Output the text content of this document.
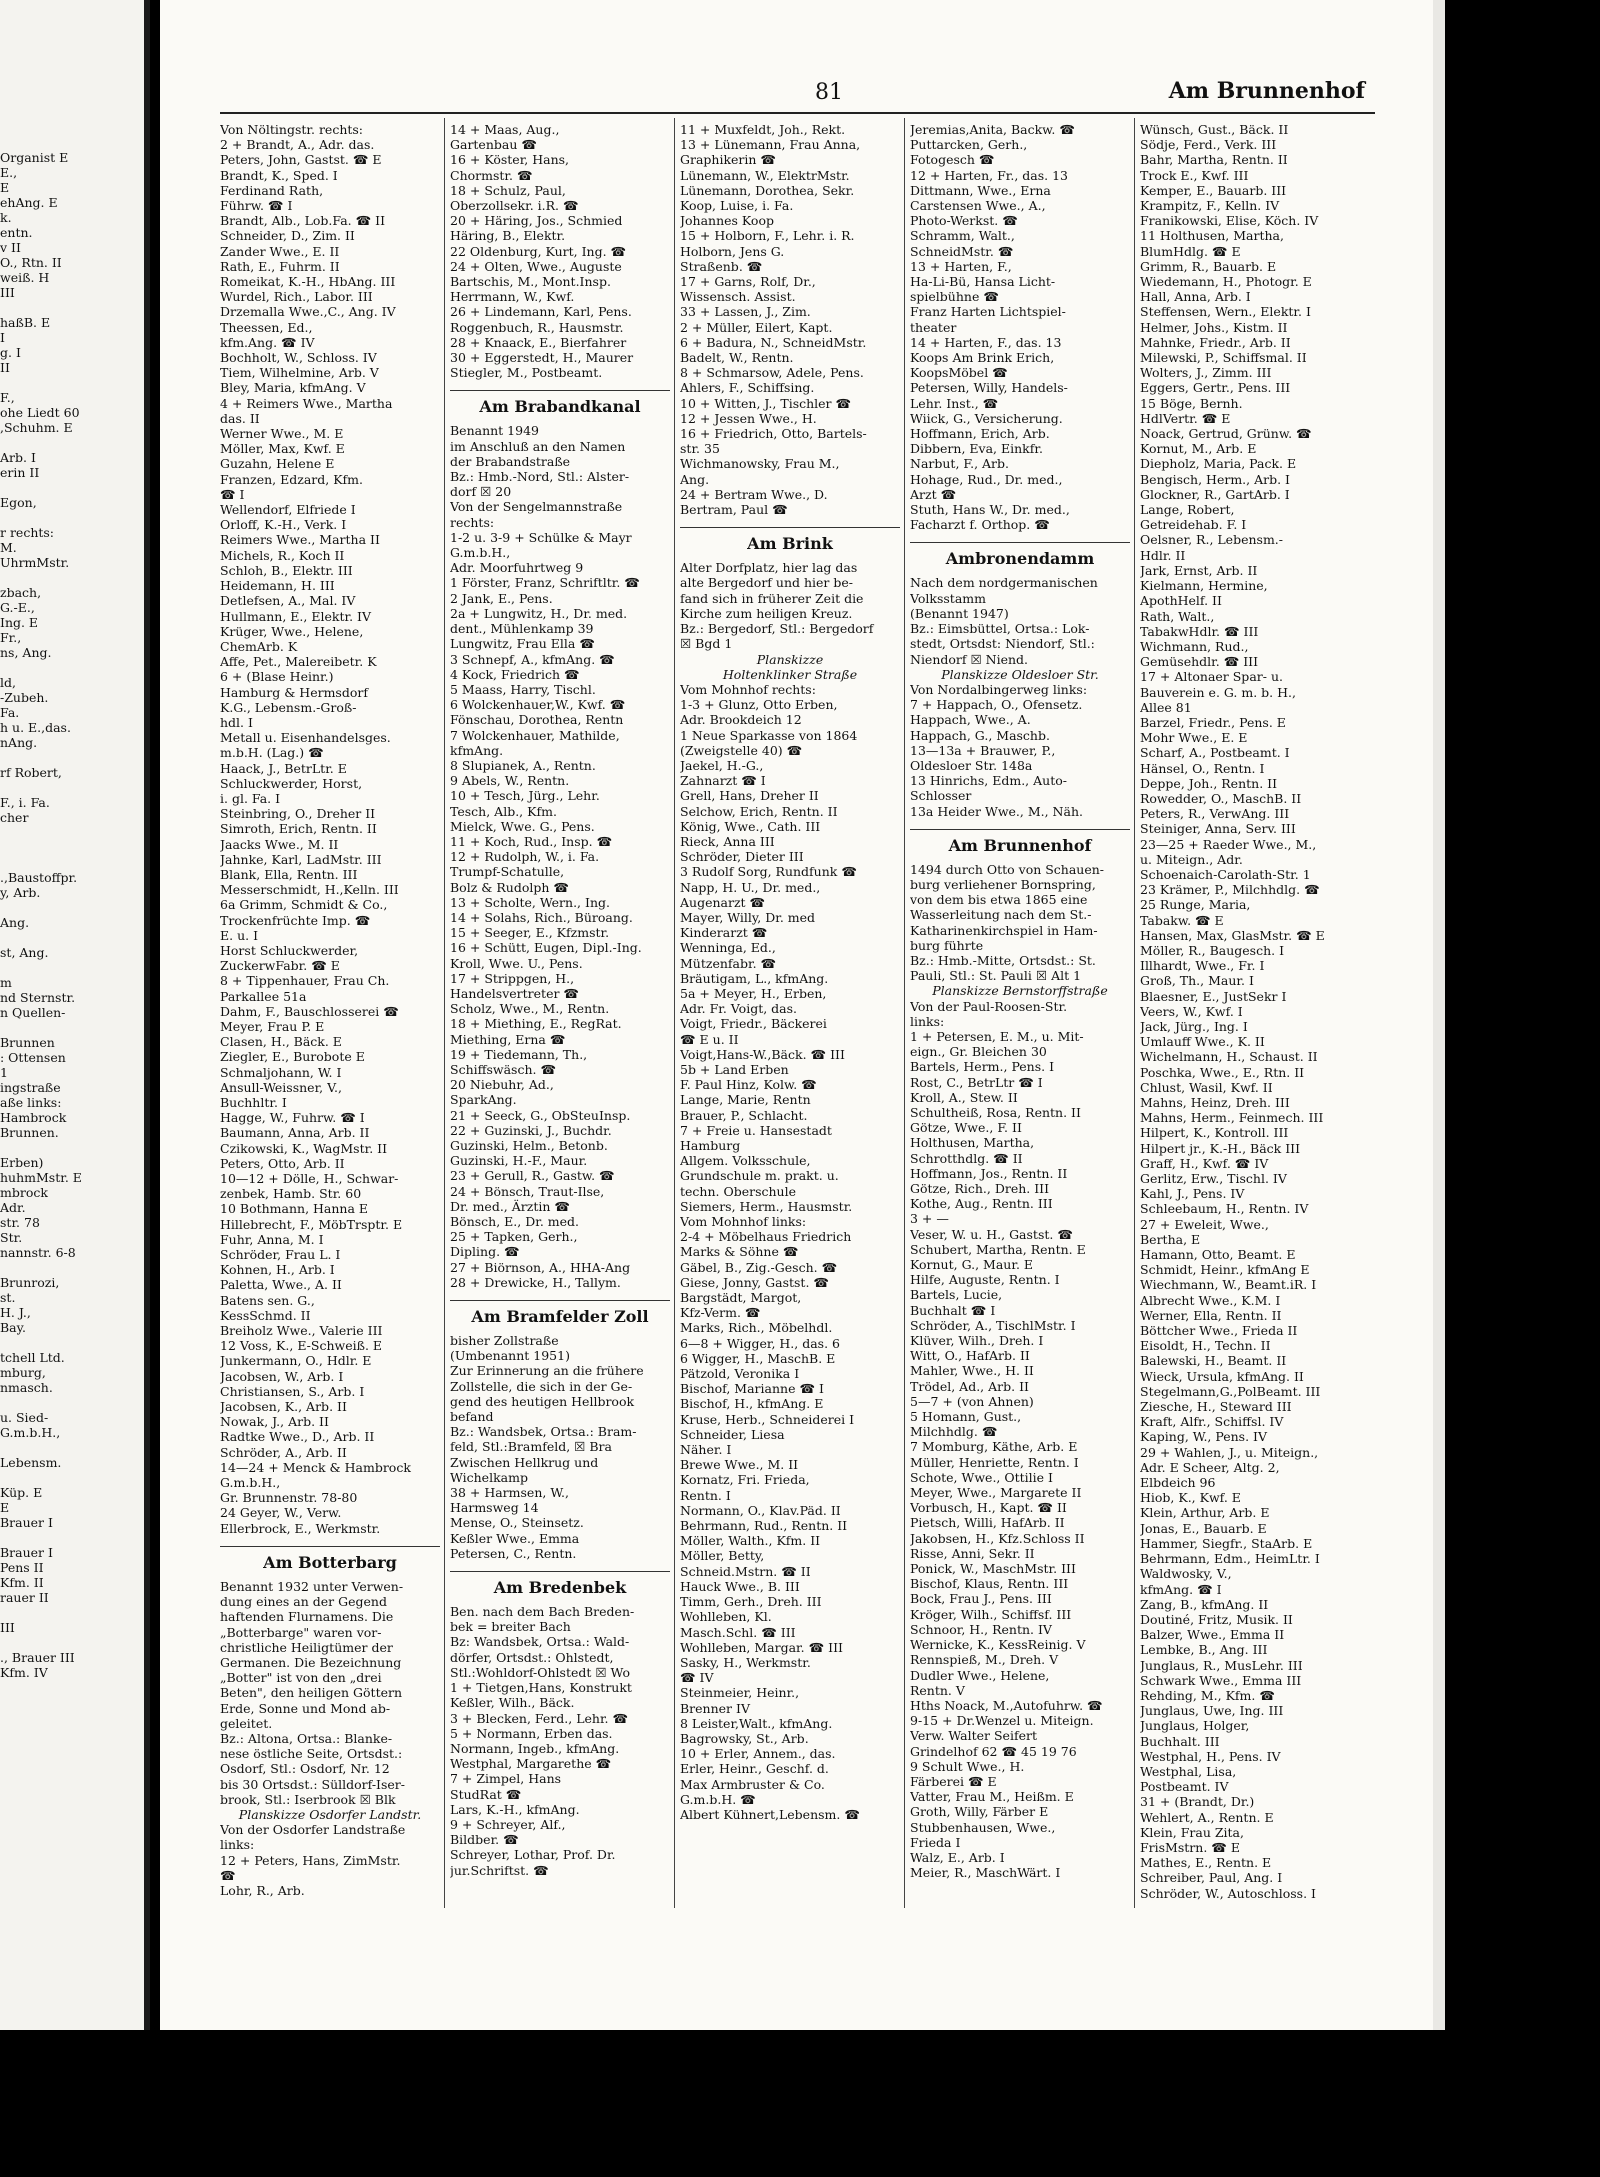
Organist E
E.,
E
ehAng. E
k.
entn.
v II
O., Rtn. II
weiß. H
III
haßB. E
I
g. I
II
F.,
ohe Liedt 60
,Schuhm. E
Arb. I
erin II
Egon,
r rechts:
M.
UhrmMstr.
zbach,
G.-E.,
Ing. E
Fr.,
ns, Ang.
ld,
-Zubeh.
Fa.
h u. E.,das.
nAng.
rf Robert,
F., i. Fa.
cher
.,Baustoffpr.
y, Arb.
Ang.
st, Ang.
m
nd Sternstr.
n Quellen-
Brunnen
: Ottensen
1
ingstraße
aße links:
Hambrock
Brunnen.
Erben)
huhmMstr. E
mbrock
Adr.
str. 78
Str.
nannstr. 6-8
Brunrozi,
st.
H. J.,
Bay.
tchell Ltd.
mburg,
nmasch.
u. Sied-
G.m.b.H.,
Lebensm.
Küp. E
E
Brauer I
Brauer I
Pens II
Kfm. II
rauer II
III
., Brauer III
Kfm. IV
81	Am Brunnenhof
Von Nöltingstr. rechts:
2 + Brandt, A., Adr. das.
Peters, John, Gastst. ☎ E
Brandt, K., Sped. I
Ferdinand Rath,
Führw. ☎ I
Brandt, Alb., Lob.Fa. ☎ II
Schneider, D., Zim. II
Zander Wwe., E. II
Rath, E., Fuhrm. II
Romeikat, K.-H., HbAng. III
Wurdel, Rich., Labor. III
Drzemalla Wwe.,C., Ang. IV
Theessen, Ed.,
kfm.Ang. ☎ IV
Bochholt, W., Schloss. IV
Tiem, Wilhelmine, Arb. V
Bley, Maria, kfmAng. V
4 + Reimers Wwe., Martha
das. II
Werner Wwe., M. E
Möller, Max, Kwf. E
Guzahn, Helene E
Franzen, Edzard, Kfm.
☎ I
Wellendorf, Elfriede I
Orloff, K.-H., Verk. I
Reimers Wwe., Martha II
Michels, R., Koch II
Schloh, B., Elektr. III
Heidemann, H. III
Detlefsen, A., Mal. IV
Hullmann, E., Elektr. IV
Krüger, Wwe., Helene,
ChemArb. K
Affe, Pet., Malereibetr. K
6 + (Blase Heinr.)
Hamburg & Hermsdorf
K.G., Lebensm.-Groß-
hdl. I
Metall u. Eisenhandelsges.
m.b.H. (Lag.) ☎
Haack, J., BetrLtr. E
Schluckwerder, Horst,
i. gl. Fa. I
Steinbring, O., Dreher II
Simroth, Erich, Rentn. II
Jaacks Wwe., M. II
Jahnke, Karl, LadMstr. III
Blank, Ella, Rentn. III
Messerschmidt, H.,Kelln. III
6a Grimm, Schmidt & Co.,
Trockenfrüchte Imp. ☎
E. u. I
Horst Schluckwerder,
ZuckerwFabr. ☎ E
8 + Tippenhauer, Frau Ch.
Parkallee 51a
Dahm, F., Bauschlosserei ☎
Meyer, Frau P. E
Clasen, H., Bäck. E
Ziegler, E., Burobote E
Schmaljohann, W. I
Ansull-Weissner, V.,
Buchhltr. I
Hagge, W., Fuhrw. ☎ I
Baumann, Anna, Arb. II
Czikowski, K., WagMstr. II
Peters, Otto, Arb. II
10—12 + Dölle, H., Schwar-
zenbek, Hamb. Str. 60
10 Bothmann, Hanna E
Hillebrecht, F., MöbTrsptr. E
Fuhr, Anna, M. I
Schröder, Frau L. I
Kohnen, H., Arb. I
Paletta, Wwe., A. II
Batens sen. G.,
KessSchmd. II
Breiholz Wwe., Valerie III
12 Voss, K., E-Schweiß. E
Junkermann, O., Hdlr. E
Jacobsen, W., Arb. I
Christiansen, S., Arb. I
Jacobsen, K., Arb. II
Nowak, J., Arb. II
Radtke Wwe., D., Arb. II
Schröder, A., Arb. II
14—24 + Menck & Hambrock
G.m.b.H.,
Gr. Brunnenstr. 78-80
24 Geyer, W., Verw.
Ellerbrock, E., Werkmstr.
Am Botterbarg
Benannt 1932 unter Verwen-
dung eines an der Gegend
haftenden Flurnamens. Die
„Botterbarge" waren vor-
christliche Heiligtümer der
Germanen. Die Bezeichnung
„Botter" ist von den „drei
Beten", den heiligen Göttern
Erde, Sonne und Mond ab-
geleitet.
Bz.: Altona, Ortsa.: Blanke-
nese östliche Seite, Ortsdst.:
Osdorf, Stl.: Osdorf, Nr. 12
bis 30 Ortsdst.: Sülldorf-Iser-
brook, Stl.: Iserbrook ☒ Blk
Planskizze Osdorfer Landstr.
Von der Osdorfer Landstraße
links:
12 + Peters, Hans, ZimMstr.
☎
Lohr, R., Arb.
14 + Maas, Aug.,
Gartenbau ☎
16 + Köster, Hans,
Chormstr. ☎
18 + Schulz, Paul,
Oberzollsekr. i.R. ☎
20 + Häring, Jos., Schmied
Häring, B., Elektr.
22 Oldenburg, Kurt, Ing. ☎
24 + Olten, Wwe., Auguste
Bartschis, M., Mont.Insp.
Herrmann, W., Kwf.
26 + Lindemann, Karl, Pens.
Roggenbuch, R., Hausmstr.
28 + Knaack, E., Bierfahrer
30 + Eggerstedt, H., Maurer
Stiegler, M., Postbeamt.
Am Brabandkanal
Benannt 1949
im Anschluß an den Namen
der Brabandstraße
Bz.: Hmb.-Nord, Stl.: Alster-
dorf ☒ 20
Von der Sengelmannstraße
rechts:
1-2 u. 3-9 + Schülke & Mayr
G.m.b.H.,
Adr. Moorfuhrtweg 9
1 Förster, Franz, Schriftltr. ☎
2 Jank, E., Pens.
2a + Lungwitz, H., Dr. med.
dent., Mühlenkamp 39
Lungwitz, Frau Ella ☎
3 Schnepf, A., kfmAng. ☎
4 Kock, Friedrich ☎
5 Maass, Harry, Tischl.
6 Wolckenhauer,W., Kwf. ☎
Fönschau, Dorothea, Rentn
7 Wolckenhauer, Mathilde,
kfmAng.
8 Slupianek, A., Rentn.
9 Abels, W., Rentn.
10 + Tesch, Jürg., Lehr.
Tesch, Alb., Kfm.
Mielck, Wwe. G., Pens.
11 + Koch, Rud., Insp. ☎
12 + Rudolph, W., i. Fa.
Trumpf-Schatulle,
Bolz & Rudolph ☎
13 + Scholte, Wern., Ing.
14 + Solahs, Rich., Büroang.
15 + Seeger, E., Kfzmstr.
16 + Schütt, Eugen, Dipl.-Ing.
Kroll, Wwe. U., Pens.
17 + Strippgen, H.,
Handelsvertreter ☎
Scholz, Wwe., M., Rentn.
18 + Miething, E., RegRat.
Miething, Erna ☎
19 + Tiedemann, Th.,
Schiffswäsch. ☎
20 Niebuhr, Ad.,
SparkAng.
21 + Seeck, G., ObSteuInsp.
22 + Guzinski, J., Buchdr.
Guzinski, Helm., Betonb.
Guzinski, H.-F., Maur.
23 + Gerull, R., Gastw. ☎
24 + Bönsch, Traut-Ilse,
Dr. med., Ärztin ☎
Bönsch, E., Dr. med.
25 + Tapken, Gerh.,
Dipling. ☎
27 + Biörnson, A., HHA-Ang
28 + Drewicke, H., Tallym.
Am Bramfelder Zoll
bisher Zollstraße
(Umbenannt 1951)
Zur Erinnerung an die frühere
Zollstelle, die sich in der Ge-
gend des heutigen Hellbrook
befand
Bz.: Wandsbek, Ortsa.: Bram-
feld, Stl.:Bramfeld, ☒ Bra
Zwischen Hellkrug und
Wichelkamp
38 + Harmsen, W.,
Harmsweg 14
Mense, O., Steinsetz.
Keßler Wwe., Emma
Petersen, C., Rentn.
Am Bredenbek
Ben. nach dem Bach Breden-
bek = breiter Bach
Bz: Wandsbek, Ortsa.: Wald-
dörfer, Ortsdst.: Ohlstedt,
Stl.:Wohldorf-Ohlstedt ☒ Wo
1 + Tietgen,Hans, Konstrukt
Keßler, Wilh., Bäck.
3 + Blecken, Ferd., Lehr. ☎
5 + Normann, Erben das.
Normann, Ingeb., kfmAng.
Westphal, Margarethe ☎
7 + Zimpel, Hans
StudRat ☎
Lars, K.-H., kfmAng.
9 + Schreyer, Alf.,
Bildber. ☎
Schreyer, Lothar, Prof. Dr.
jur.Schriftst. ☎
11 + Muxfeldt, Joh., Rekt.
13 + Lünemann, Frau Anna,
Graphikerin ☎
Lünemann, W., ElektrMstr.
Lünemann, Dorothea, Sekr.
Koop, Luise, i. Fa.
Johannes Koop
15 + Holborn, F., Lehr. i. R.
Holborn, Jens G.
Straßenb. ☎
17 + Garns, Rolf, Dr.,
Wissensch. Assist.
33 + Lassen, J., Zim.
2 + Müller, Eilert, Kapt.
6 + Badura, N., SchneidMstr.
Badelt, W., Rentn.
8 + Schmarsow, Adele, Pens.
Ahlers, F., Schiffsing.
10 + Witten, J., Tischler ☎
12 + Jessen Wwe., H.
16 + Friedrich, Otto, Bartels-
str. 35
Wichmanowsky, Frau M.,
Ang.
24 + Bertram Wwe., D.
Bertram, Paul ☎
Am Brink
Alter Dorfplatz, hier lag das
alte Bergedorf und hier be-
fand sich in früherer Zeit die
Kirche zum heiligen Kreuz.
Bz.: Bergedorf, Stl.: Bergedorf
☒ Bgd 1
Planskizze
Holtenklinker Straße
Vom Mohnhof rechts:
1-3 + Glunz, Otto Erben,
Adr. Brookdeich 12
1 Neue Sparkasse von 1864
(Zweigstelle 40) ☎
Jaekel, H.-G.,
Zahnarzt ☎ I
Grell, Hans, Dreher II
Selchow, Erich, Rentn. II
König, Wwe., Cath. III
Rieck, Anna III
Schröder, Dieter III
3 Rudolf Sorg, Rundfunk ☎
Napp, H. U., Dr. med.,
Augenarzt ☎
Mayer, Willy, Dr. med
Kinderarzt ☎
Wenninga, Ed.,
Mützenfabr. ☎
Bräutigam, L., kfmAng.
5a + Meyer, H., Erben,
Adr. Fr. Voigt, das.
Voigt, Friedr., Bäckerei
☎ E u. II
Voigt,Hans-W.,Bäck. ☎ III
5b + Land Erben
F. Paul Hinz, Kolw. ☎
Lange, Marie, Rentn
Brauer, P., Schlacht.
7 + Freie u. Hansestadt
Hamburg
Allgem. Volksschule,
Grundschule m. prakt. u.
techn. Oberschule
Siemers, Herm., Hausmstr.
Vom Mohnhof links:
2-4 + Möbelhaus Friedrich
Marks & Söhne ☎
Gäbel, B., Zig.-Gesch. ☎
Giese, Jonny, Gastst. ☎
Bargstädt, Margot,
Kfz-Verm. ☎
Marks, Rich., Möbelhdl.
6—8 + Wigger, H., das. 6
6 Wigger, H., MaschB. E
Pätzold, Veronika I
Bischof, Marianne ☎ I
Bischof, H., kfmAng. E
Kruse, Herb., Schneiderei I
Schneider, Liesa
Näher. I
Brewe Wwe., M. II
Kornatz, Fri. Frieda,
Rentn. I
Normann, O., Klav.Päd. II
Behrmann, Rud., Rentn. II
Möller, Walth., Kfm. II
Möller, Betty,
Schneid.Mstrn. ☎ II
Hauck Wwe., B. III
Timm, Gerh., Dreh. III
Wohlleben, Kl.
Masch.Schl. ☎ III
Wohlleben, Margar. ☎ III
Sasky, H., Werkmstr.
☎ IV
Steinmeier, Heinr.,
Brenner IV
8 Leister,Walt., kfmAng.
Bagrowsky, St., Arb.
10 + Erler, Annem., das.
Erler, Heinr., Geschf. d.
Max Armbruster & Co.
G.m.b.H. ☎
Albert Kühnert,Lebensm. ☎
Jeremias,Anita, Backw. ☎
Puttarcken, Gerh.,
Fotogesch ☎
12 + Harten, Fr., das. 13
Dittmann, Wwe., Erna
Carstensen Wwe., A.,
Photo-Werkst. ☎
Schramm, Walt.,
SchneidMstr. ☎
13 + Harten, F.,
Ha-Li-Bü, Hansa Licht-
spielbühne ☎
Franz Harten Lichtspiel-
theater
14 + Harten, F., das. 13
Koops Am Brink Erich,
KoopsMöbel ☎
Petersen, Willy, Handels-
Lehr. Inst., ☎
Wiick, G., Versicherung.
Hoffmann, Erich, Arb.
Dibbern, Eva, Einkfr.
Narbut, F., Arb.
Hohage, Rud., Dr. med.,
Arzt ☎
Stuth, Hans W., Dr. med.,
Facharzt f. Orthop. ☎
Ambronendamm
Nach dem nordgermanischen
Volksstamm
(Benannt 1947)
Bz.: Eimsbüttel, Ortsa.: Lok-
stedt, Ortsdst: Niendorf, Stl.:
Niendorf ☒ Niend.
Planskizze Oldesloer Str.
Von Nordalbingerweg links:
7 + Happach, O., Ofensetz.
Happach, Wwe., A.
Happach, G., Maschb.
13—13a + Brauwer, P.,
Oldesloer Str. 148a
13 Hinrichs, Edm., Auto-
Schlosser
13a Heider Wwe., M., Näh.
Am Brunnenhof
1494 durch Otto von Schauen-
burg verliehener Bornspring,
von dem bis etwa 1865 eine
Wasserleitung nach dem St.-
Katharinenkirchspiel in Ham-
burg führte
Bz.: Hmb.-Mitte, Ortsdst.: St.
Pauli, Stl.: St. Pauli ☒ Alt 1
Planskizze Bernstorffstraße
Von der Paul-Roosen-Str.
links:
1 + Petersen, E. M., u. Mit-
eign., Gr. Bleichen 30
Bartels, Herm., Pens. I
Rost, C., BetrLtr ☎ I
Kroll, A., Stew. II
Schultheiß, Rosa, Rentn. II
Götze, Wwe., F. II
Holthusen, Martha,
Schrotthdlg. ☎ II
Hoffmann, Jos., Rentn. II
Götze, Rich., Dreh. III
Kothe, Aug., Rentn. III
3 + —
Veser, W. u. H., Gastst. ☎
Schubert, Martha, Rentn. E
Kornut, G., Maur. E
Hilfe, Auguste, Rentn. I
Bartels, Lucie,
Buchhalt ☎ I
Schröder, A., TischlMstr. I
Klüver, Wilh., Dreh. I
Witt, O., HafArb. II
Mahler, Wwe., H. II
Trödel, Ad., Arb. II
5—7 + (von Ahnen)
5 Homann, Gust.,
Milchhdlg. ☎
7 Momburg, Käthe, Arb. E
Müller, Henriette, Rentn. I
Schote, Wwe., Ottilie I
Meyer, Wwe., Margarete II
Vorbusch, H., Kapt. ☎ II
Pietsch, Willi, HafArb. II
Jakobsen, H., Kfz.Schloss II
Risse, Anni, Sekr. II
Ponick, W., MaschMstr. III
Bischof, Klaus, Rentn. III
Bock, Frau J., Pens. III
Kröger, Wilh., Schiffsf. III
Schnoor, H., Rentn. IV
Wernicke, K., KessReinig. V
Rennspieß, M., Dreh. V
Dudler Wwe., Helene,
Rentn. V
Hths Noack, M.,Autofuhrw. ☎
9-15 + Dr.Wenzel u. Miteign.
Verw. Walter Seifert
Grindelhof 62 ☎ 45 19 76
9 Schult Wwe., H.
Färberei ☎ E
Vatter, Frau M., Heißm. E
Groth, Willy, Färber E
Stubbenhausen, Wwe.,
Frieda I
Walz, E., Arb. I
Meier, R., MaschWärt. I
Wünsch, Gust., Bäck. II
Södje, Ferd., Verk. III
Bahr, Martha, Rentn. II
Trock E., Kwf. III
Kemper, E., Bauarb. III
Krampitz, F., Kelln. IV
Franikowski, Elise, Köch. IV
11 Holthusen, Martha,
BlumHdlg. ☎ E
Grimm, R., Bauarb. E
Wiedemann, H., Photogr. E
Hall, Anna, Arb. I
Steffensen, Wern., Elektr. I
Helmer, Johs., Kistm. II
Mahnke, Friedr., Arb. II
Milewski, P., Schiffsmal. II
Wolters, J., Zimm. III
Eggers, Gertr., Pens. III
15 Böge, Bernh.
HdlVertr. ☎ E
Noack, Gertrud, Grünw. ☎
Kornut, M., Arb. E
Diepholz, Maria, Pack. E
Bengisch, Herm., Arb. I
Glockner, R., GartArb. I
Lange, Robert,
Getreidehab. F. I
Oelsner, R., Lebensm.-
Hdlr. II
Jark, Ernst, Arb. II
Kielmann, Hermine,
ApothHelf. II
Rath, Walt.,
TabakwHdlr. ☎ III
Wichmann, Rud.,
Gemüsehdlr. ☎ III
17 + Altonaer Spar- u.
Bauverein e. G. m. b. H.,
Allee 81
Barzel, Friedr., Pens. E
Mohr Wwe., E. E
Scharf, A., Postbeamt. I
Hänsel, O., Rentn. I
Deppe, Joh., Rentn. II
Rowedder, O., MaschB. II
Peters, R., VerwAng. III
Steiniger, Anna, Serv. III
23—25 + Raeder Wwe., M.,
u. Miteign., Adr.
Schoenaich-Carolath-Str. 1
23 Krämer, P., Milchhdlg. ☎
25 Runge, Maria,
Tabakw. ☎ E
Hansen, Max, GlasMstr. ☎ E
Möller, R., Baugesch. I
Illhardt, Wwe., Fr. I
Groß, Th., Maur. I
Blaesner, E., JustSekr I
Veers, W., Kwf. I
Jack, Jürg., Ing. I
Umlauff Wwe., K. II
Wichelmann, H., Schaust. II
Poschka, Wwe., E., Rtn. II
Chlust, Wasil, Kwf. II
Mahns, Heinz, Dreh. III
Mahns, Herm., Feinmech. III
Hilpert, K., Kontroll. III
Hilpert jr., K.-H., Bäck III
Graff, H., Kwf. ☎ IV
Gerlitz, Erw., Tischl. IV
Kahl, J., Pens. IV
Schleebaum, H., Rentn. IV
27 + Eweleit, Wwe.,
Bertha, E
Hamann, Otto, Beamt. E
Schmidt, Heinr., kfmAng E
Wiechmann, W., Beamt.iR. I
Albrecht Wwe., K.M. I
Werner, Ella, Rentn. II
Böttcher Wwe., Frieda II
Eisoldt, H., Techn. II
Balewski, H., Beamt. II
Wieck, Ursula, kfmAng. II
Stegelmann,G.,PolBeamt. III
Ziesche, H., Steward III
Kraft, Alfr., Schiffsl. IV
Kaping, W., Pens. IV
29 + Wahlen, J., u. Miteign.,
Adr. E Scheer, Altg. 2,
Elbdeich 96
Hiob, K., Kwf. E
Klein, Arthur, Arb. E
Jonas, E., Bauarb. E
Hammer, Siegfr., StaArb. E
Behrmann, Edm., HeimLtr. I
Waldwosky, V.,
kfmAng. ☎ I
Zang, B., kfmAng. II
Doutiné, Fritz, Musik. II
Balzer, Wwe., Emma II
Lembke, B., Ang. III
Junglaus, R., MusLehr. III
Schwark Wwe., Emma III
Rehding, M., Kfm. ☎
Junglaus, Uwe, Ing. III
Junglaus, Holger,
Buchhalt. III
Westphal, H., Pens. IV
Westphal, Lisa,
Postbeamt. IV
31 + (Brandt, Dr.)
Wehlert, A., Rentn. E
Klein, Frau Zita,
FrisMstrn. ☎ E
Mathes, E., Rentn. E
Schreiber, Paul, Ang. I
Schröder, W., Autoschloss. I
